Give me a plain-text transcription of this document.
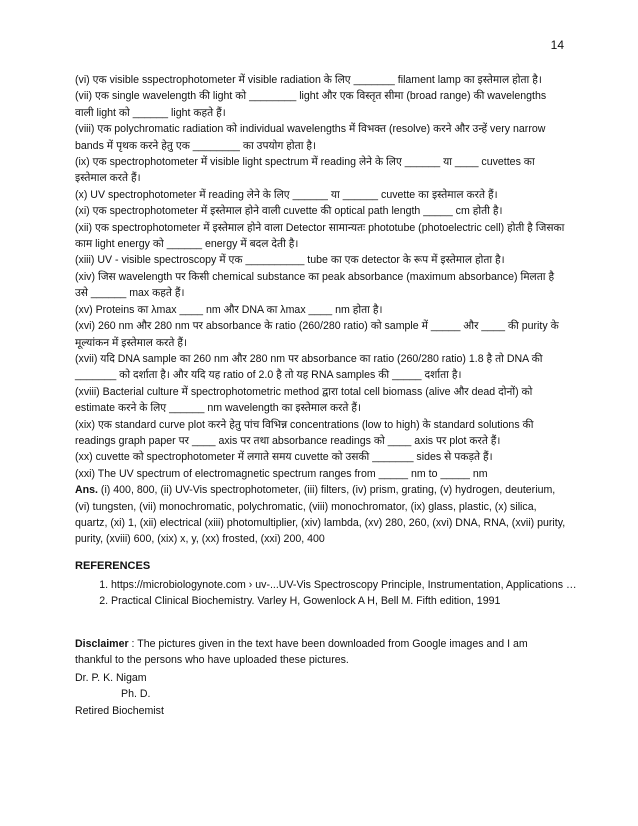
14

(vi) एक visible sspectrophotometer में visible radiation के लिए _______ filament lamp का इस्तेमाल होता है।

(vii) एक single wavelength की light को ________ light और एक विस्तृत सीमा (broad range) की wavelengths वाली light को ______ light कहते हैं।

(viii) एक polychromatic radiation को individual wavelengths में विभक्त (resolve) करने और उन्हें very narrow bands में पृथक करने हेतु एक ________ का उपयोग होता है।

(ix) एक spectrophotometer में visible light spectrum में reading लेने के लिए ______ या ____ cuvettes का इस्तेमाल करते हैं।

(x) UV spectrophotometer में reading लेने के लिए ______ या ______ cuvette का इस्तेमाल करते हैं।

(xi) एक spectrophotometer में इस्तेमाल होने वाली cuvette की optical path length _____ cm होती है।

(xii) एक spectrophotometer में इस्तेमाल होने वाला Detector सामान्यतः phototube (photoelectric cell) होती है जिसका काम light energy को ______ energy में बदल देती है।

(xiii) UV - visible spectroscopy में एक __________ tube का एक detector के रूप में इस्तेमाल होता है।

(xiv) जिस wavelength पर किसी chemical substance का peak absorbance (maximum absorbance) मिलता है उसे ______ max कहते हैं।

(xv) Proteins का λmax ____ nm और DNA का λmax ____ nm होता है।

(xvi) 260 nm और 280 nm पर absorbance के ratio (260/280 ratio) को sample में _____ और ____ की purity के मूल्यांकन में इस्तेमाल करते हैं।

(xvii) यदि DNA sample का 260 nm और 280 nm पर absorbance का ratio (260/280 ratio) 1.8 है तो DNA की _______ को दर्शाता है। और यदि यह ratio of 2.0 है तो यह RNA samples की _____ दर्शाता है।

(xviii) Bacterial culture में spectrophotometric method द्वारा total cell biomass (alive और dead दोनों) को estimate करने के लिए ______ nm wavelength का इस्तेमाल करते हैं।

(xix) एक standard curve plot करने हेतु पांच विभिन्न concentrations (low to high) के standard solutions की readings graph paper पर ____ axis पर तथा absorbance readings को ____ axis पर plot करते हैं।

(xx) cuvette को spectrophotometer में लगाते समय cuvette को उसकी _______ sides से पकड़ते हैं।

(xxi) The UV spectrum of electromagnetic spectrum ranges from _____ nm to _____ nm

Ans. (i) 400, 800, (ii) UV-Vis spectrophotometer, (iii) filters, (iv) prism, grating, (v) hydrogen, deuterium, (vi) tungsten, (vii) monochromatic, polychromatic, (viii) monochromator, (ix) glass, plastic, (x) silica, quartz, (xi) 1, (xii) electrical (xiii) photomultiplier, (xiv) lambda, (xv) 280, 260, (xvi) DNA, RNA, (xvii) purity, purity, (xviii) 600, (xix) x, y, (xx) frosted, (xxi) 200, 400

REFERENCES
1. https://microbiologynote.com › uv-...UV-Vis Spectroscopy Principle, Instrumentation, Applications …
2. Practical Clinical Biochemistry. Varley H, Gowenlock A H, Bell M. Fifth edition, 1991

Disclaimer : The pictures given in the text have been downloaded from Google images and I am thankful to the persons who have uploaded these pictures.

Dr. P. K. Nigam
Ph. D.
Retired Biochemist
